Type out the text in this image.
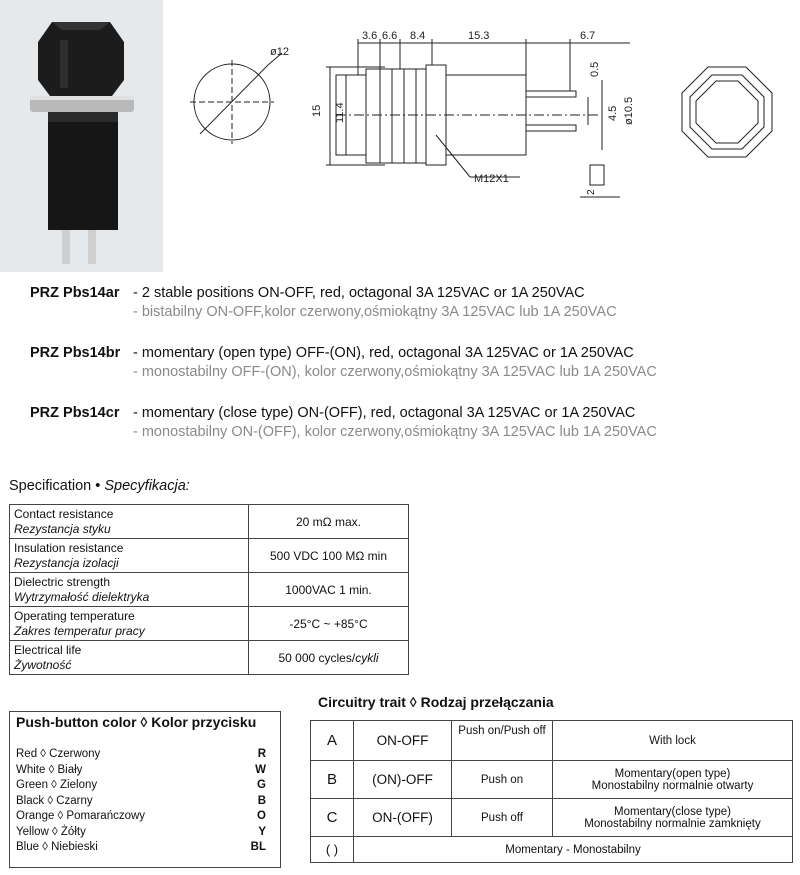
ø12
3.6 6.6 8.4	15.3	6.7
15 11.4	ø10.5
4.5
0.5
M12X1
2
PRZ Pbs14ar - 2 stable positions ON-OFF, red, octagonal 3A 125VAC or 1A 250VAC
- bistabilny ON-OFF,kolor czerwony,ośmiokątny 3A 125VAC lub 1A 250VAC
PRZ Pbs14br - momentary (open type) OFF-(ON), red, octagonal 3A 125VAC or 1A 250VAC
- monostabilny OFF-(ON), kolor czerwony,ośmiokątny 3A 125VAC lub 1A 250VAC
PRZ Pbs14cr - momentary (close type) ON-(OFF), red, octagonal 3A 125VAC or 1A 250VAC
- monostabilny ON-(OFF), kolor czerwony,ośmiokątny 3A 125VAC lub 1A 250VAC
Specification • Specyfikacja:
Contact resistance
Rezystancja styku	20 mΩ max.
Insulation resistance
Rezystancja izolacji	500 VDC 100 MΩ min
Dielectric strength
Wytrzymałość dielektryka	1000VAC 1 min.
Operating temperature
Zakres temperatur pracy	-25°C ~ +85°C
Electrical life
Żywotność	50 000 cycles/cykli
Push-button color ◊ Kolor przycisku
Red ◊ Czerwony	R
White ◊ Biały	W
Green ◊ Zielony	G
Black ◊ Czarny	B
Orange ◊ Pomarańczowy	O
Yellow ◊ Żółty	Y
Blue ◊ Niebieski	BL
Circuitry trait ◊ Rodzaj przełączania
A	ON-OFF	Push on/Push off	With lock

B	(ON)-OFF	Push on	Momentary(open type)
Monostabilny normalnie otwarty

C	ON-(OFF)	Push off	Momentary(close type)
Monostabilny normalnie zamknięty

( )	Momentary - Monostabilny		
